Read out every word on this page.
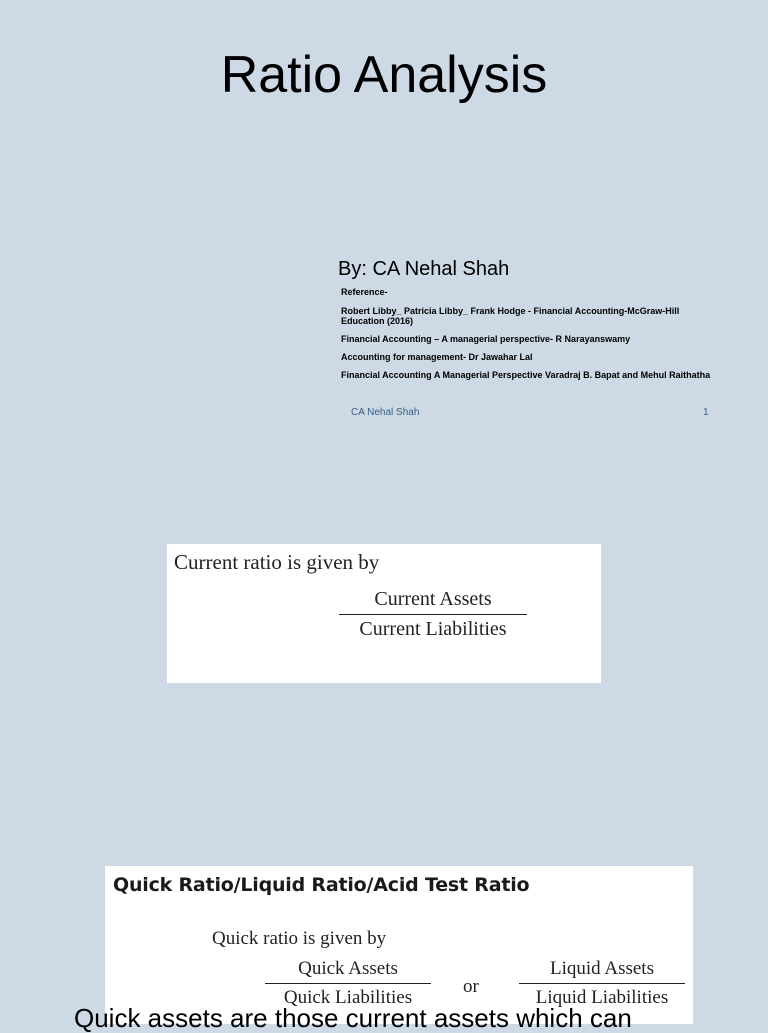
Ratio Analysis
By: CA Nehal Shah

Reference-

Robert Libby_ Patricia Libby_ Frank Hodge - Financial Accounting-McGraw-Hill Education (2016)

Financial Accounting – A managerial perspective- R Narayanswamy

Accounting for management- Dr Jawahar Lal

Financial Accounting A Managerial Perspective Varadraj B. Bapat and Mehul Raithatha

CA Nehal Shah	1
Current ratio is given by
Current Assets
Current Liabilities
Quick Ratio/Liquid Ratio/Acid Test Ratio
Quick ratio is given by
Quick Assets
Quick Liabilities
or
Liquid Assets
Liquid Liabilities
Quick assets are those current assets which can
